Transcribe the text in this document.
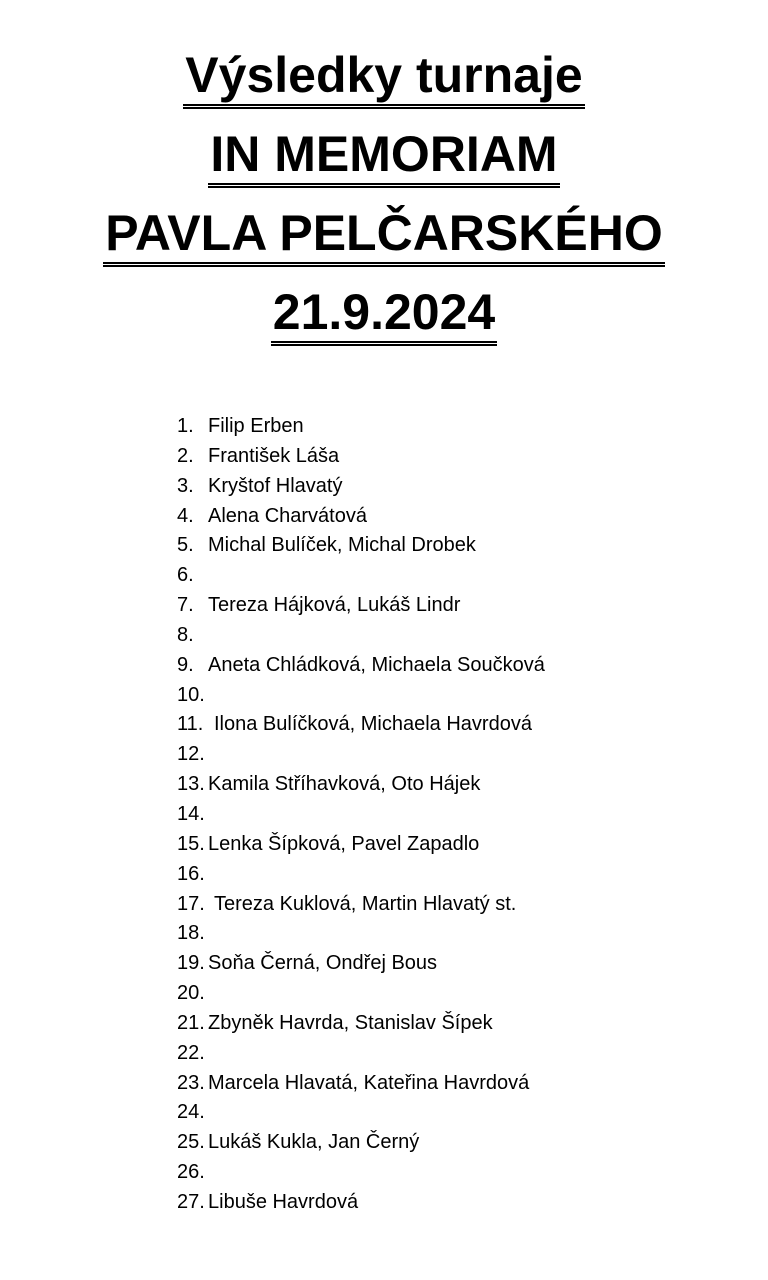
Výsledky turnaje
IN MEMORIAM
PAVLA PELČARSKÉHO
21.9.2024
1. Filip Erben
2. František Láša
3. Kryštof Hlavatý
4. Alena Charvátová
5. Michal Bulíček, Michal Drobek
6.
7. Tereza Hájková, Lukáš Lindr
8.
9. Aneta Chládková, Michaela Součková
10.
11. Ilona Bulíčková, Michaela Havrdová
12.
13. Kamila Stříhavková, Oto Hájek
14.
15. Lenka Šípková, Pavel Zapadlo
16.
17. Tereza Kuklová, Martin Hlavatý st.
18.
19. Soňa Černá, Ondřej Bous
20.
21. Zbyněk Havrda, Stanislav Šípek
22.
23. Marcela Hlavatá, Kateřina Havrdová
24.
25. Lukáš Kukla, Jan Černý
26.
27. Libuše Havrdová
